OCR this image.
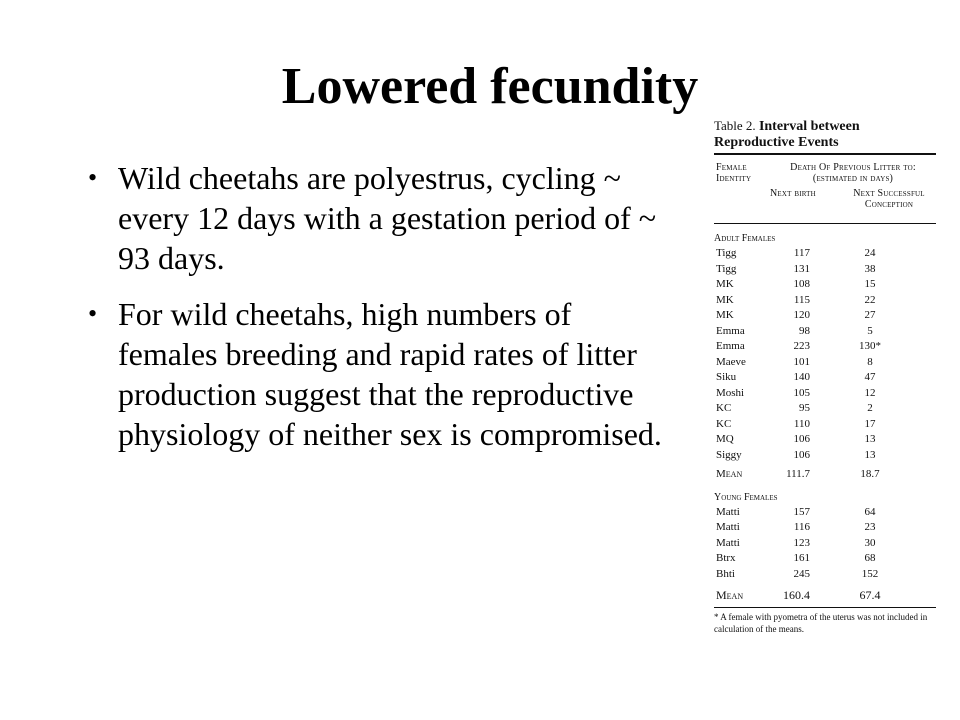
Lowered fecundity
• Wild cheetahs are polyestrus, cycling ~ every 12 days with a gestation period of ~ 93 days.
• For wild cheetahs, high numbers of females breeding and rapid rates of litter production suggest that the reproductive physiology of neither sex is compromised.
Table 2. Interval between Reproductive Events
Female Identity
Death Of Previous Litter to: (estimated in days)
Next birth	Next Successful Conception
Adult Females
Tigg	117	24
Tigg	131	38
MK	108	15
MK	115	22
MK	120	27
Emma	98	5
Emma	223	130*
Maeve	101	8
Siku	140	47
Moshi	105	12
KC	95	2
KC	110	17
MQ	106	13
Siggy	106	13
Mean	111.7	18.7
Young Females
Matti	157	64
Matti	116	23
Matti	123	30
Btrx	161	68
Bhti	245	152
Mean	160.4	67.4
* A female with pyometra of the uterus was not included in calculation of the means.
